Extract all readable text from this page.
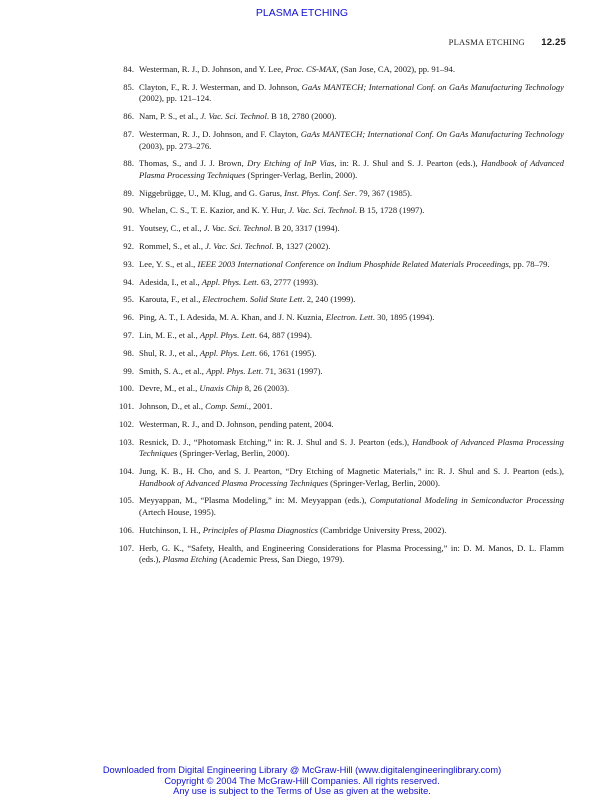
PLASMA ETCHING
PLASMA ETCHING 12.25
84. Westerman, R. J., D. Johnson, and Y. Lee, Proc. CS-MAX, (San Jose, CA, 2002), pp. 91–94.
85. Clayton, F., R. J. Westerman, and D. Johnson, GaAs MANTECH; International Conf. on GaAs Manufacturing Technology (2002), pp. 121–124.
86. Nam, P. S., et al., J. Vac. Sci. Technol. B 18, 2780 (2000).
87. Westerman, R. J., D. Johnson, and F. Clayton, GaAs MANTECH; International Conf. On GaAs Manufacturing Technology (2003), pp. 273–276.
88. Thomas, S., and J. J. Brown, Dry Etching of InP Vias, in: R. J. Shul and S. J. Pearton (eds.), Handbook of Advanced Plasma Processing Techniques (Springer-Verlag, Berlin, 2000).
89. Niggebrügge, U., M. Klug, and G. Garus, Inst. Phys. Conf. Ser. 79, 367 (1985).
90. Whelan, C. S., T. E. Kazior, and K. Y. Hur, J. Vac. Sci. Technol. B 15, 1728 (1997).
91. Youtsey, C., et al., J. Vac. Sci. Technol. B 20, 3317 (1994).
92. Rommel, S., et al., J. Vac. Sci. Technol. B, 1327 (2002).
93. Lee, Y. S., et al., IEEE 2003 International Conference on Indium Phosphide Related Materials Proceedings, pp. 78–79.
94. Adesida, I., et al., Appl. Phys. Lett. 63, 2777 (1993).
95. Karouta, F., et al., Electrochem. Solid State Lett. 2, 240 (1999).
96. Ping, A. T., I. Adesida, M. A. Khan, and J. N. Kuznia, Electron. Lett. 30, 1895 (1994).
97. Lin, M. E., et al., Appl. Phys. Lett. 64, 887 (1994).
98. Shul, R. J., et al., Appl. Phys. Lett. 66, 1761 (1995).
99. Smith, S. A., et al., Appl. Phys. Lett. 71, 3631 (1997).
100. Devre, M., et al., Unaxis Chip 8, 26 (2003).
101. Johnson, D., et al., Comp. Semi., 2001.
102. Westerman, R. J., and D. Johnson, pending patent, 2004.
103. Resnick, D. J., “Photomask Etching,” in: R. J. Shul and S. J. Pearton (eds.), Handbook of Advanced Plasma Processing Techniques (Springer-Verlag, Berlin, 2000).
104. Jung, K. B., H. Cho, and S. J. Pearton, “Dry Etching of Magnetic Materials,” in: R. J. Shul and S. J. Pearton (eds.), Handbook of Advanced Plasma Processing Techniques (Springer-Verlag, Berlin, 2000).
105. Meyyappan, M., “Plasma Modeling,” in: M. Meyyappan (eds.), Computational Modeling in Semiconductor Processing (Artech House, 1995).
106. Hutchinson, I. H., Principles of Plasma Diagnostics (Cambridge University Press, 2002).
107. Herb, G. K., “Safety, Health, and Engineering Considerations for Plasma Processing,” in: D. M. Manos, D. L. Flamm (eds.), Plasma Etching (Academic Press, San Diego, 1979).
Downloaded from Digital Engineering Library @ McGraw-Hill (www.digitalengineeringlibrary.com)
Copyright © 2004 The McGraw-Hill Companies. All rights reserved.
Any use is subject to the Terms of Use as given at the website.
